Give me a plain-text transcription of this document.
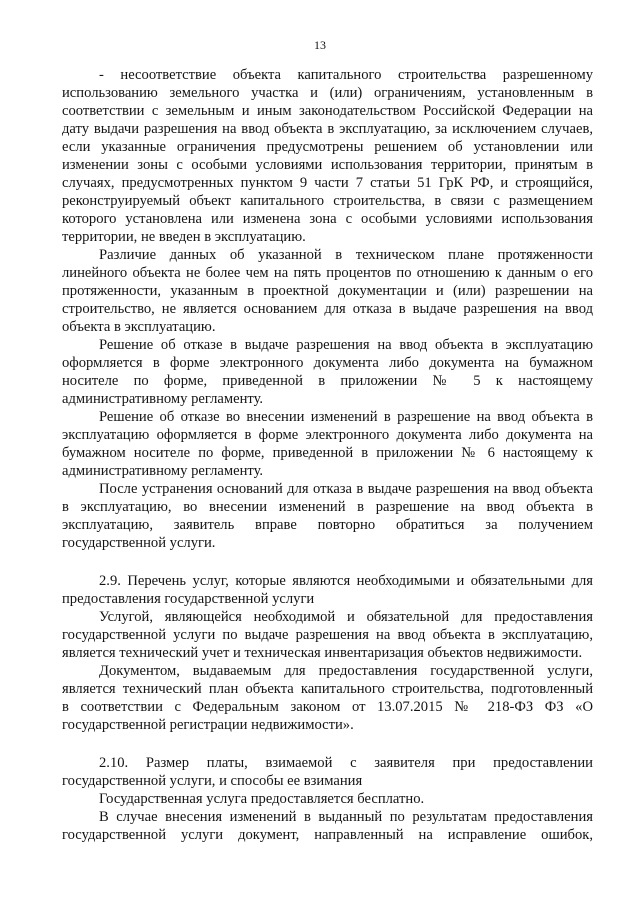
13
- несоответствие объекта капитального строительства разрешенному
использованию земельного участка и (или) ограничениям, установленным в
соответствии с земельным и иным законодательством Российской Федерации на
дату выдачи разрешения на ввод объекта в эксплуатацию, за исключением случаев,
если указанные ограничения предусмотрены решением об установлении или
изменении зоны с особыми условиями использования территории, принятым в
случаях, предусмотренных пунктом 9 части 7 статьи 51 ГрК РФ, и строящийся,
реконструируемый объект капитального строительства, в связи с размещением
которого установлена или изменена зона с особыми условиями использования
территории, не введен в эксплуатацию.
Различие данных об указанной в техническом плане протяженности
линейного объекта не более чем на пять процентов по отношению к данным о его
протяженности, указанным в проектной документации и (или) разрешении на
строительство, не является основанием для отказа в выдаче разрешения на ввод
объекта в эксплуатацию.
Решение об отказе в выдаче разрешения на ввод объекта в эксплуатацию
оформляется в форме электронного документа либо документа на бумажном
носителе по форме, приведенной в приложении № 5 к настоящему
административному регламенту.
Решение об отказе во внесении изменений в разрешение на ввод объекта в
эксплуатацию оформляется в форме электронного документа либо документа на
бумажном носителе по форме, приведенной в приложении № 6 настоящему к
административному регламенту.
После устранения оснований для отказа в выдаче разрешения на ввод объекта
в эксплуатацию, во внесении изменений в разрешение на ввод объекта в
эксплуатацию, заявитель вправе повторно обратиться за получением
государственной услуги.
2.9. Перечень услуг, которые являются необходимыми и обязательными для
предоставления государственной услуги
Услугой, являющейся необходимой и обязательной для предоставления
государственной услуги по выдаче разрешения на ввод объекта в эксплуатацию,
является технический учет и техническая инвентаризация объектов недвижимости.
Документом, выдаваемым для предоставления государственной услуги,
является технический план объекта капитального строительства, подготовленный
в соответствии с Федеральным законом от 13.07.2015 № 218-ФЗ ФЗ «О
государственной регистрации недвижимости».
2.10. Размер платы, взимаемой с заявителя при предоставлении
государственной услуги, и способы ее взимания
Государственная услуга предоставляется бесплатно.
В случае внесения изменений в выданный по результатам предоставления
государственной услуги документ, направленный на исправление ошибок,
